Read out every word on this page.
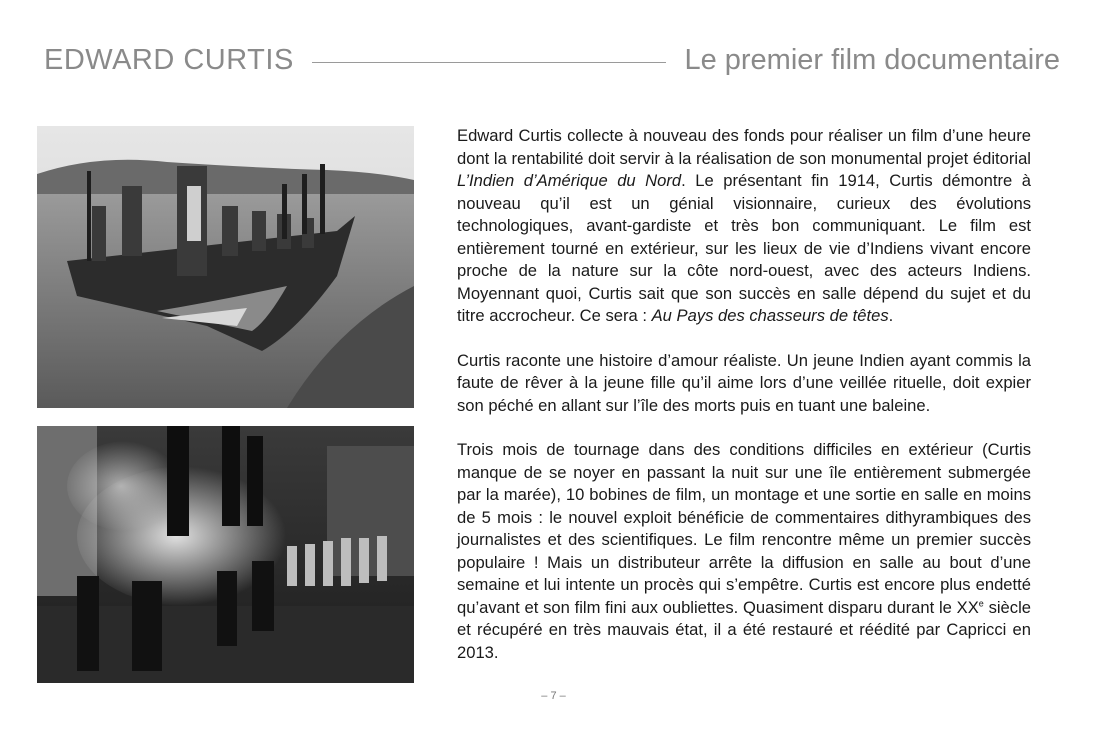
EDWARD CURTIS	Le premier film documentaire

Edward Curtis collecte à nouveau des fonds pour réaliser un film d’une heure dont la rentabilité doit servir à la réalisation de son monumental projet éditorial L’Indien d’Amérique du Nord. Le présentant fin 1914, Curtis démontre à nouveau qu’il est un génial visionnaire, curieux des évolutions technologiques, avant-gardiste et très bon communiquant. Le film est entièrement tourné en extérieur, sur les lieux de vie d’Indiens vivant encore proche de la nature sur la côte nord-ouest, avec des acteurs Indiens. Moyennant quoi, Curtis sait que son succès en salle dépend du sujet et du titre accrocheur. Ce sera : Au Pays des chasseurs de têtes.

Curtis raconte une histoire d’amour réaliste. Un jeune Indien ayant commis la faute de rêver à la jeune fille qu’il aime lors d’une veillée rituelle, doit expier son péché en allant sur l’île des morts puis en tuant une baleine.

Trois mois de tournage dans des conditions difficiles en extérieur (Curtis manque de se noyer en passant la nuit sur une île entièrement submergée par la marée), 10 bobines de film, un montage et une sortie en salle en moins de 5 mois : le nouvel exploit bénéficie de commentaires dithyrambiques des journalistes et des scientifiques. Le film rencontre même un premier succès populaire ! Mais un distributeur arrête la diffusion en salle au bout d’une semaine et lui intente un procès qui s’empêtre. Curtis est encore plus endetté qu’avant et son film fini aux oubliettes. Quasiment disparu durant le XXe siècle et récupéré en très mauvais état, il a été restauré et réédité par Capricci en 2013.

– 7 –
